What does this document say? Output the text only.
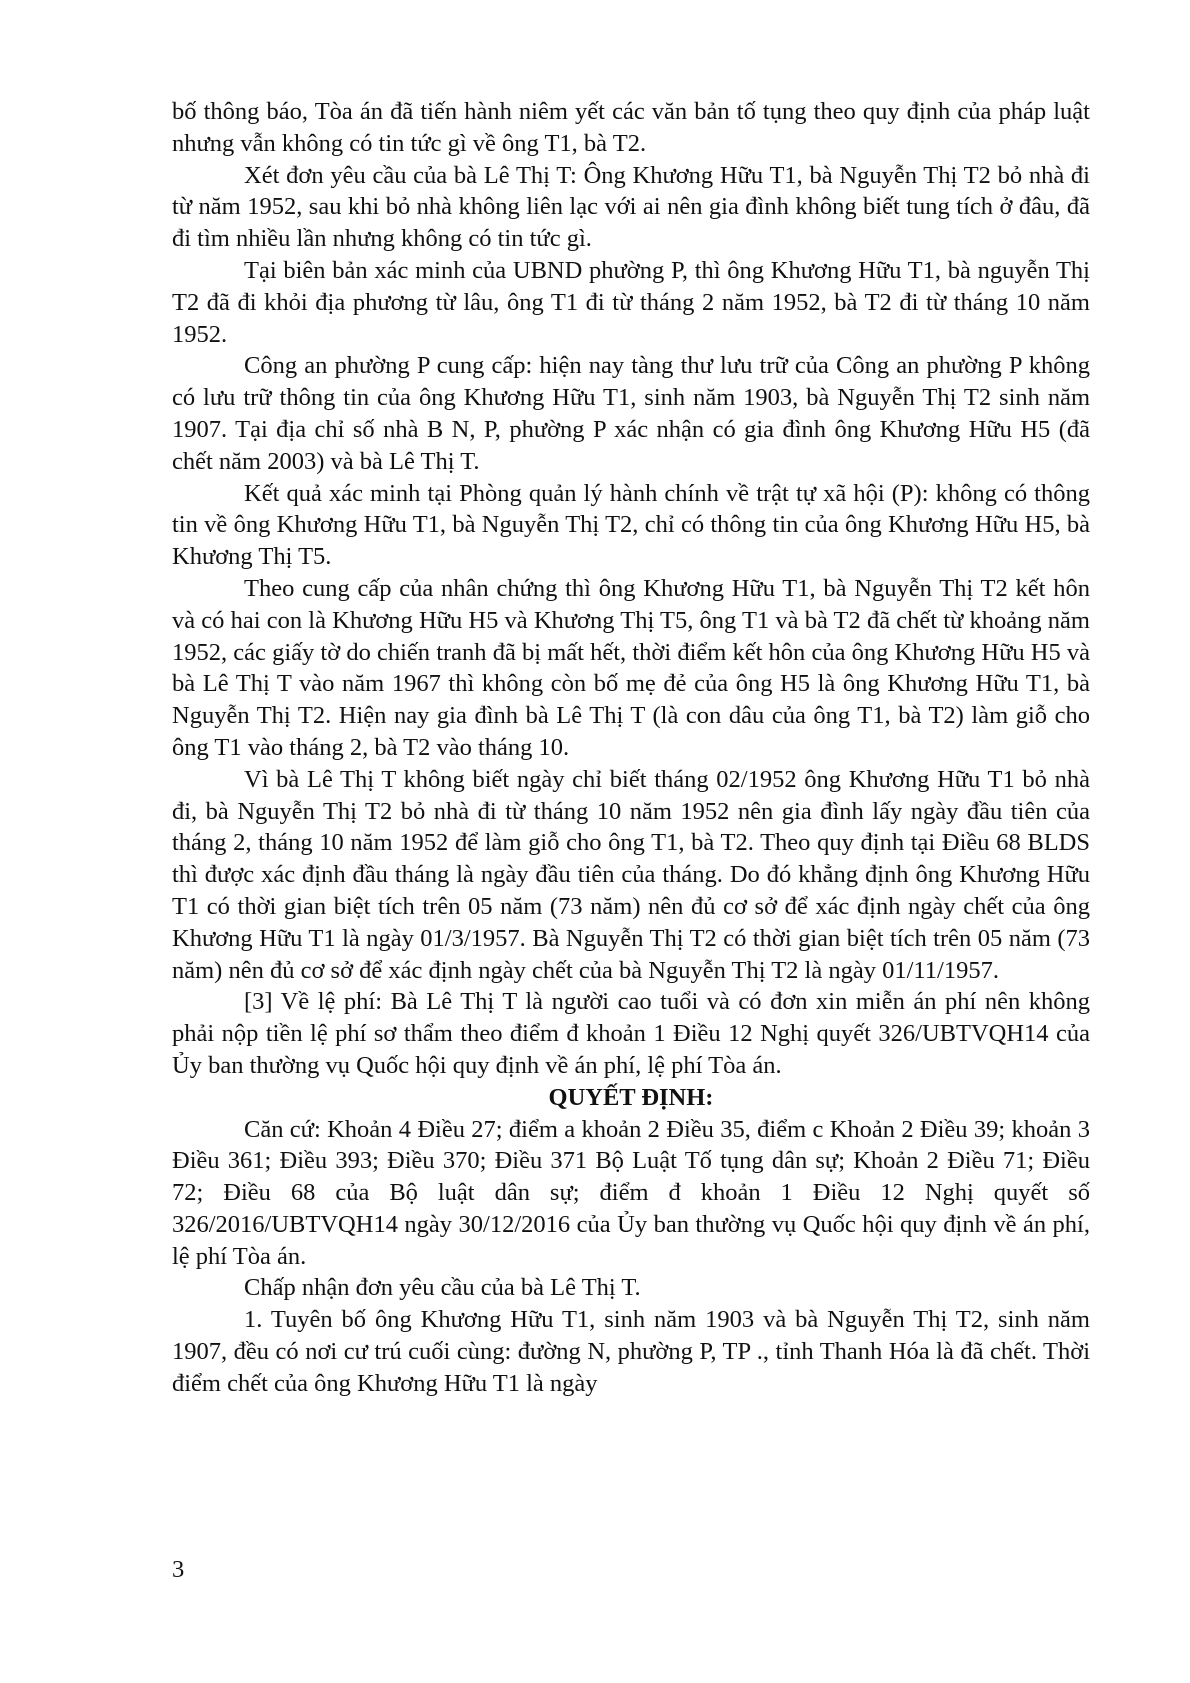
bố thông báo, Tòa án đã tiến hành niêm yết các văn bản tố tụng theo quy định của pháp luật nhưng vẫn không có tin tức gì về ông T1, bà T2.

Xét đơn yêu cầu của bà Lê Thị T: Ông Khương Hữu T1, bà Nguyễn Thị T2 bỏ nhà đi từ năm 1952, sau khi bỏ nhà không liên lạc với ai nên gia đình không biết tung tích ở đâu, đã đi tìm nhiều lần nhưng không có tin tức gì.

Tại biên bản xác minh của UBND phường P, thì ông Khương Hữu T1, bà nguyễn Thị T2 đã đi khỏi địa phương từ lâu, ông T1 đi từ tháng 2 năm 1952, bà T2 đi từ tháng 10 năm 1952.

Công an phường P cung cấp: hiện nay tàng thư lưu trữ của Công an phường P không có lưu trữ thông tin của ông Khương Hữu T1, sinh năm 1903, bà Nguyễn Thị T2 sinh năm 1907. Tại địa chỉ số nhà B N, P, phường P xác nhận có gia đình ông Khương Hữu H5 (đã chết năm 2003) và bà Lê Thị T.

Kết quả xác minh tại Phòng quản lý hành chính về trật tự xã hội (P): không có thông tin về ông Khương Hữu T1, bà Nguyễn Thị T2, chỉ có thông tin của ông Khương Hữu H5, bà Khương Thị T5.

Theo cung cấp của nhân chứng thì ông Khương Hữu T1, bà Nguyễn Thị T2 kết hôn và có hai con là Khương Hữu H5 và Khương Thị T5, ông T1 và bà T2 đã chết từ khoảng năm 1952, các giấy tờ do chiến tranh đã bị mất hết, thời điểm kết hôn của ông Khương Hữu H5 và bà Lê Thị T vào năm 1967 thì không còn bố mẹ đẻ của ông H5 là ông Khương Hữu T1, bà Nguyễn Thị T2. Hiện nay gia đình bà Lê Thị T (là con dâu của ông T1, bà T2) làm giỗ cho ông T1 vào tháng 2, bà T2 vào tháng 10.

Vì bà Lê Thị T không biết ngày chỉ biết tháng 02/1952 ông Khương Hữu T1 bỏ nhà đi, bà Nguyễn Thị T2 bỏ nhà đi từ tháng 10 năm 1952 nên gia đình lấy ngày đầu tiên của tháng 2, tháng 10 năm 1952 để làm giỗ cho ông T1, bà T2. Theo quy định tại Điều 68 BLDS thì được xác định đầu tháng là ngày đầu tiên của tháng. Do đó khẳng định ông Khương Hữu T1 có thời gian biệt tích trên 05 năm (73 năm) nên đủ cơ sở để xác định ngày chết của ông Khương Hữu T1 là ngày 01/3/1957. Bà Nguyễn Thị T2 có thời gian biệt tích trên 05 năm (73 năm) nên đủ cơ sở để xác định ngày chết của bà Nguyễn Thị T2 là ngày 01/11/1957.

[3] Về lệ phí: Bà Lê Thị T là người cao tuổi và có đơn xin miễn án phí nên không phải nộp tiền lệ phí sơ thẩm theo điểm đ khoản 1 Điều 12 Nghị quyết 326/UBTVQH14 của Ủy ban thường vụ Quốc hội quy định về án phí, lệ phí Tòa án.

QUYẾT ĐỊNH:

Căn cứ: Khoản 4 Điều 27; điểm a khoản 2 Điều 35, điểm c Khoản 2 Điều 39; khoản 3 Điều 361; Điều 393; Điều 370; Điều 371 Bộ Luật Tố tụng dân sự; Khoản 2 Điều 71; Điều 72; Điều 68 của Bộ luật dân sự; điểm đ khoản 1 Điều 12 Nghị quyết số 326/2016/UBTVQH14 ngày 30/12/2016 của Ủy ban thường vụ Quốc hội quy định về án phí, lệ phí Tòa án.

Chấp nhận đơn yêu cầu của bà Lê Thị T.

1. Tuyên bố ông Khương Hữu T1, sinh năm 1903 và bà Nguyễn Thị T2, sinh năm 1907, đều có nơi cư trú cuối cùng: đường N, phường P, TP ., tỉnh Thanh Hóa là đã chết. Thời điểm chết của ông Khương Hữu T1 là ngày

3
